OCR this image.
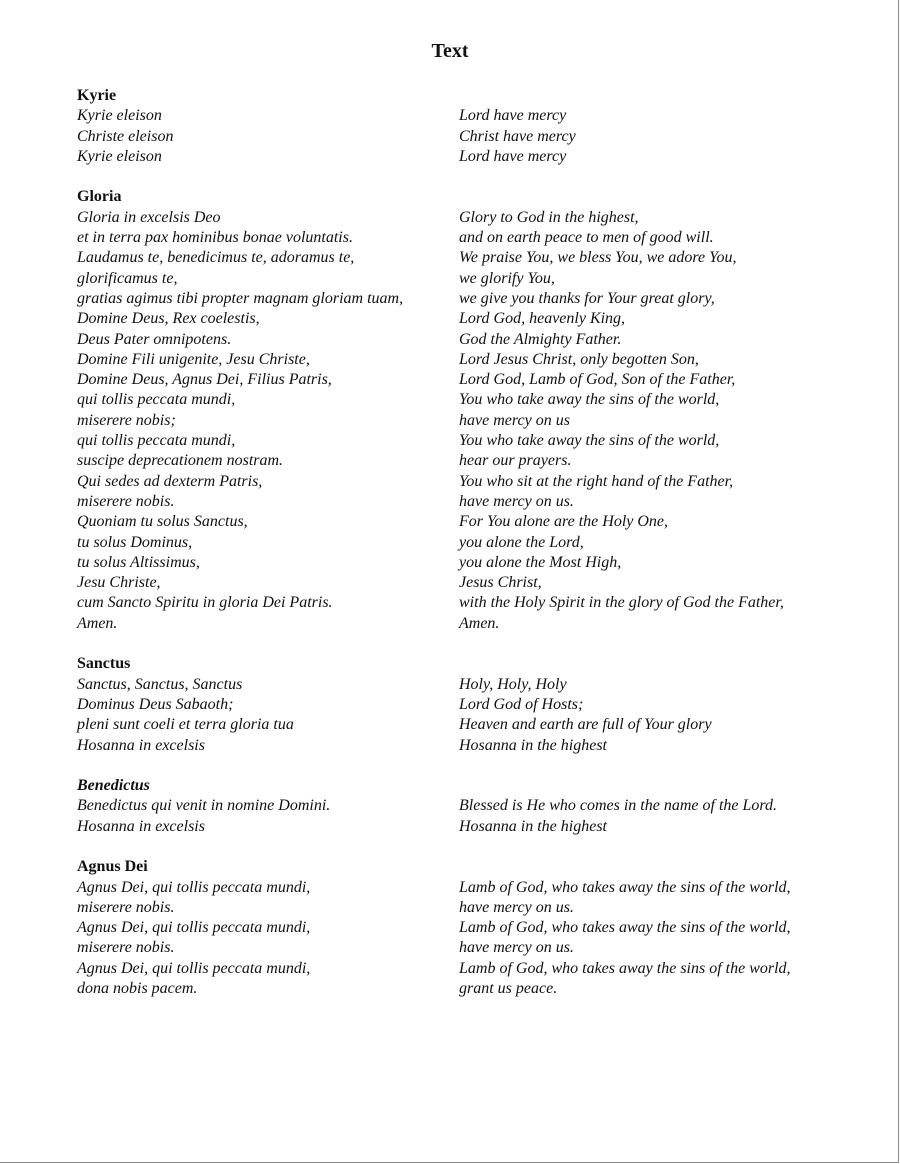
Text
Kyrie
Kyrie eleison	Lord have mercy
Christe eleison	Christ have mercy
Kyrie eleison	Lord have mercy
Gloria
Gloria in excelsis Deo	Glory to God in the highest,
et in terra pax hominibus bonae voluntatis.	and on earth peace to men of good will.
Laudamus te, benedicimus te, adoramus te,	We praise You, we bless You, we adore You,
glorificamus te,	we glorify You,
gratias agimus tibi propter magnam gloriam tuam,	we give you thanks for Your great glory,
Domine Deus, Rex coelestis,	Lord God, heavenly King,
Deus Pater omnipotens.	God the Almighty Father.
Domine Fili unigenite, Jesu Christe,	Lord Jesus Christ, only begotten Son,
Domine Deus, Agnus Dei, Filius Patris,	Lord God, Lamb of God, Son of the Father,
qui tollis peccata mundi,	You who take away the sins of the world,
miserere nobis;	have mercy on us
qui tollis peccata mundi,	You who take away the sins of the world,
suscipe deprecationem nostram.	hear our prayers.
Qui sedes ad dexterm Patris,	You who sit at the right hand of the Father,
miserere nobis.	have mercy on us.
Quoniam tu solus Sanctus,	For You alone are the Holy One,
tu solus Dominus,	you alone the Lord,
tu solus Altissimus,	you alone the Most High,
Jesu Christe,	Jesus Christ,
cum Sancto Spiritu in gloria Dei Patris.	with the Holy Spirit in the glory of God the Father,
Amen.	Amen.
Sanctus
Sanctus, Sanctus, Sanctus	Holy, Holy, Holy
Dominus Deus Sabaoth;	Lord God of Hosts;
pleni sunt coeli et terra gloria tua	Heaven and earth are full of Your glory
Hosanna in excelsis	Hosanna in the highest
Benedictus
Benedictus qui venit in nomine Domini.	Blessed is He who comes in the name of the Lord.
Hosanna in excelsis	Hosanna in the highest
Agnus Dei
Agnus Dei, qui tollis peccata mundi,	Lamb of God, who takes away the sins of the world,
miserere nobis.	have mercy on us.
Agnus Dei, qui tollis peccata mundi,	Lamb of God, who takes away the sins of the world,
miserere nobis.	have mercy on us.
Agnus Dei, qui tollis peccata mundi,	Lamb of God, who takes away the sins of the world,
dona nobis pacem.	grant us peace.
